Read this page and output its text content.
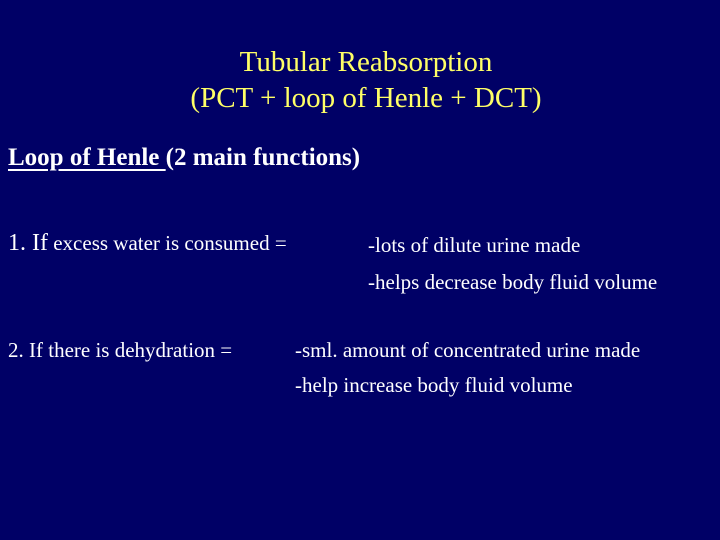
Tubular Reabsorption
(PCT + loop of Henle + DCT)
Loop of Henle (2 main functions)
1. If excess water is consumed =	-lots of dilute urine made
-helps decrease body fluid volume
2. If there is dehydration =	-sml. amount of concentrated urine made
-help increase body fluid volume
